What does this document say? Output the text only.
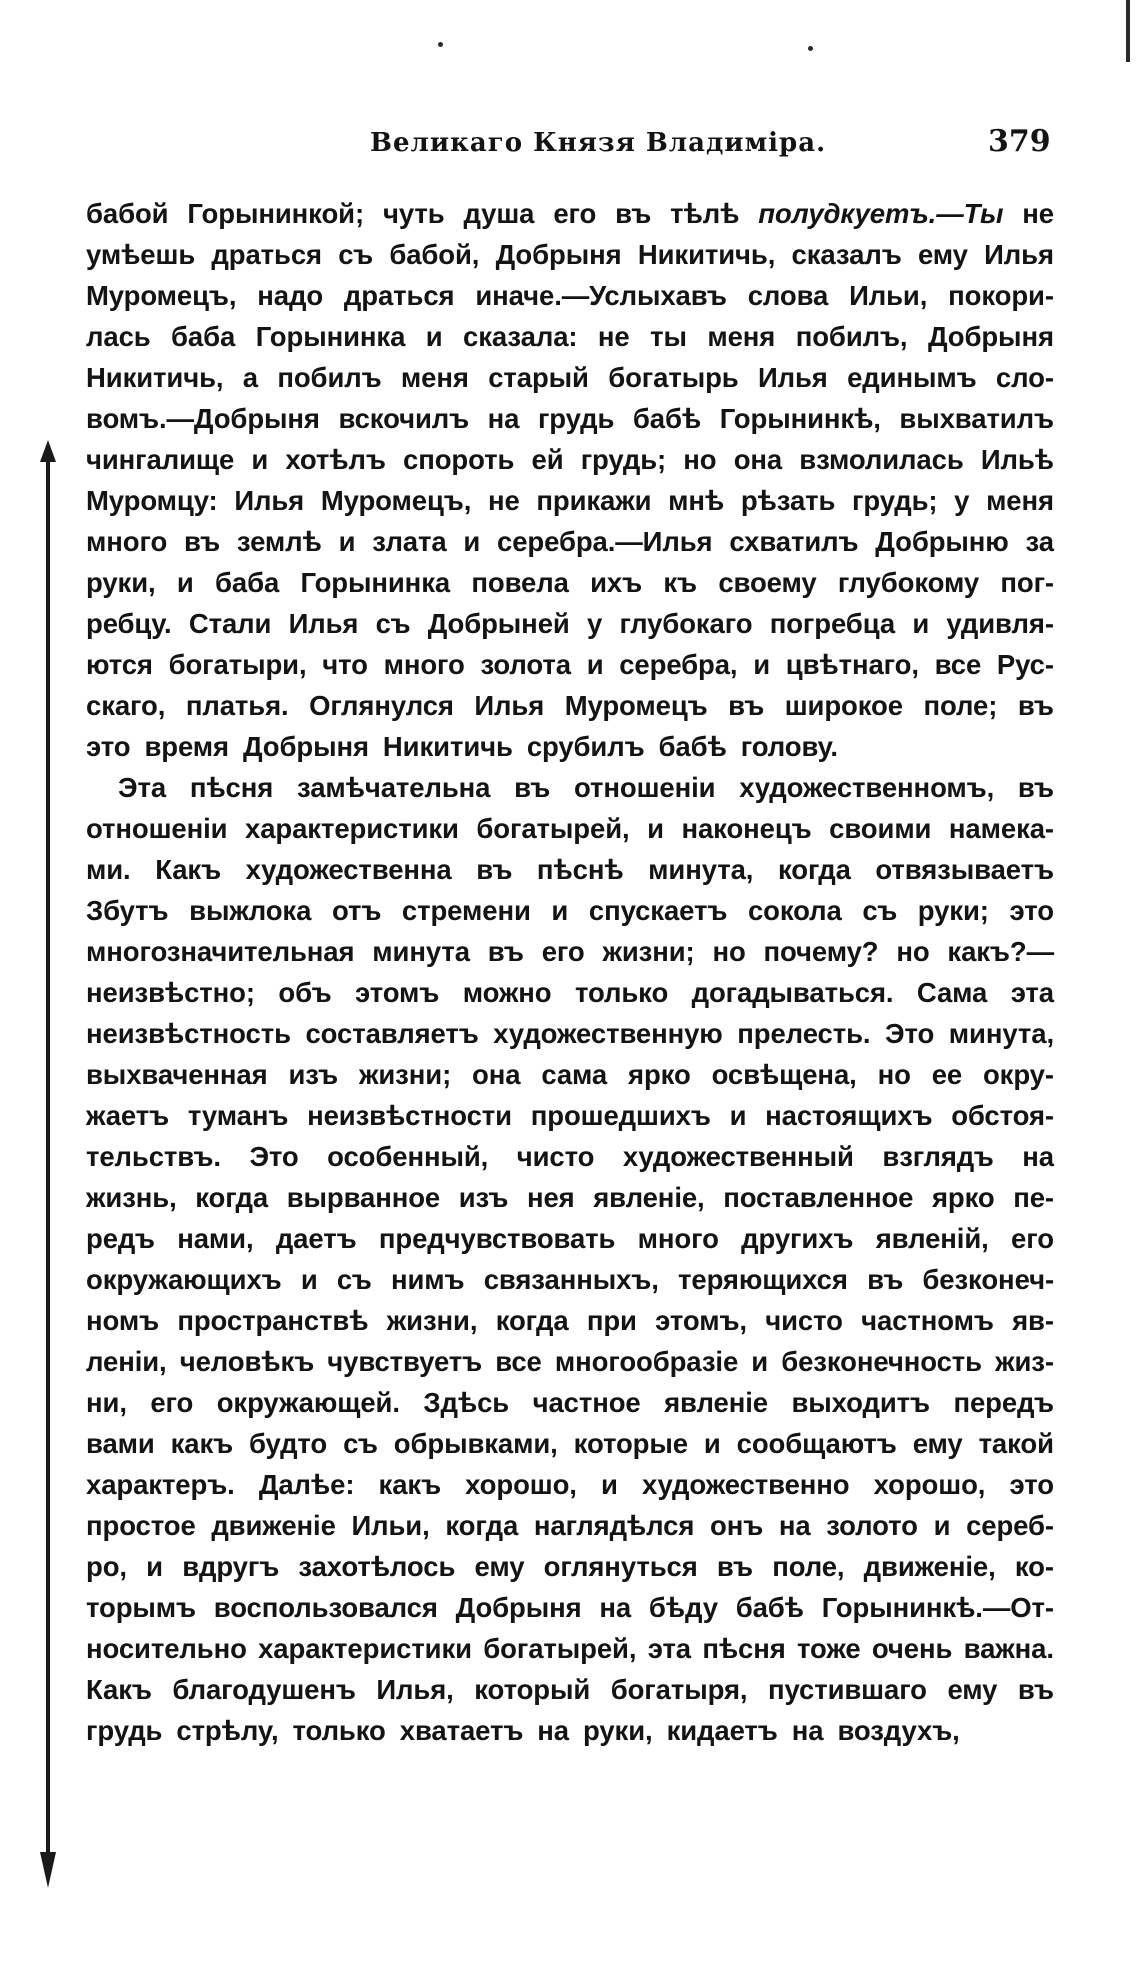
Великаго Князя Владиміра.	379
бабой Горынинкой; чуть душа его въ тѣлѣ полудкуетъ.—Ты не
умѣешь драться съ бабой, Добрыня Никитичь, сказалъ ему Илья
Муромецъ, надо драться иначе.—Услыхавъ слова Ильи, покори-
лась баба Горынинка и сказала: не ты меня побилъ, Добрыня
Никитичь, а побилъ меня старый богатырь Илья единымъ сло-
вомъ.—Добрыня вскочилъ на грудь бабѣ Горынинкѣ, выхватилъ
чингалище и хотѣлъ спороть ей грудь; но она взмолилась Ильѣ
Муромцу: Илья Муромецъ, не прикажи мнѣ рѣзать грудь; у меня
много въ землѣ и злата и серебра.—Илья схватилъ Добрыню за
руки, и баба Горынинка повела ихъ къ своему глубокому пог-
ребцу. Стали Илья съ Добрыней у глубокаго погребца и удивля-
ются богатыри, что много золота и серебра, и цвѣтнаго, все Рус-
скаго, платья. Оглянулся Илья Муромецъ въ широкое поле; въ
это время Добрыня Никитичь срубилъ бабѣ голову.
Эта пѣсня замѣчательна въ отношеніи художественномъ, въ
отношеніи характеристики богатырей, и наконецъ своими намека-
ми. Какъ художественна въ пѣснѣ минута, когда отвязываетъ
Збутъ выжлока отъ стремени и спускаетъ сокола съ руки; это
многозначительная минута въ его жизни; но почему? но какъ?—
неизвѣстно; объ этомъ можно только догадываться. Сама эта
неизвѣстность составляетъ художественную прелесть. Это минута,
выхваченная изъ жизни; она сама ярко освѣщена, но ее окру-
жаетъ туманъ неизвѣстности прошедшихъ и настоящихъ обстоя-
тельствъ. Это особенный, чисто художественный взглядъ на
жизнь, когда вырванное изъ нея явленіе, поставленное ярко пе-
редъ нами, даетъ предчувствовать много другихъ явленій, его
окружающихъ и съ нимъ связанныхъ, теряющихся въ безконеч-
номъ пространствѣ жизни, когда при этомъ, чисто частномъ яв-
леніи, человѣкъ чувствуетъ все многообразіе и безконечность жиз-
ни, его окружающей. Здѣсь частное явленіе выходитъ передъ
вами какъ будто съ обрывками, которые и сообщаютъ ему такой
характеръ. Далѣе: какъ хорошо, и художественно хорошо, это
простое движеніе Ильи, когда наглядѣлся онъ на золото и сереб-
ро, и вдругъ захотѣлось ему оглянуться въ поле, движеніе, ко-
торымъ воспользовался Добрыня на бѣду бабѣ Горынинкѣ.—От-
носительно характеристики богатырей, эта пѣсня тоже очень важна.
Какъ благодушенъ Илья, который богатыря, пустившаго ему въ
грудь стрѣлу, только хватаетъ на руки, кидаетъ на воздухъ,
